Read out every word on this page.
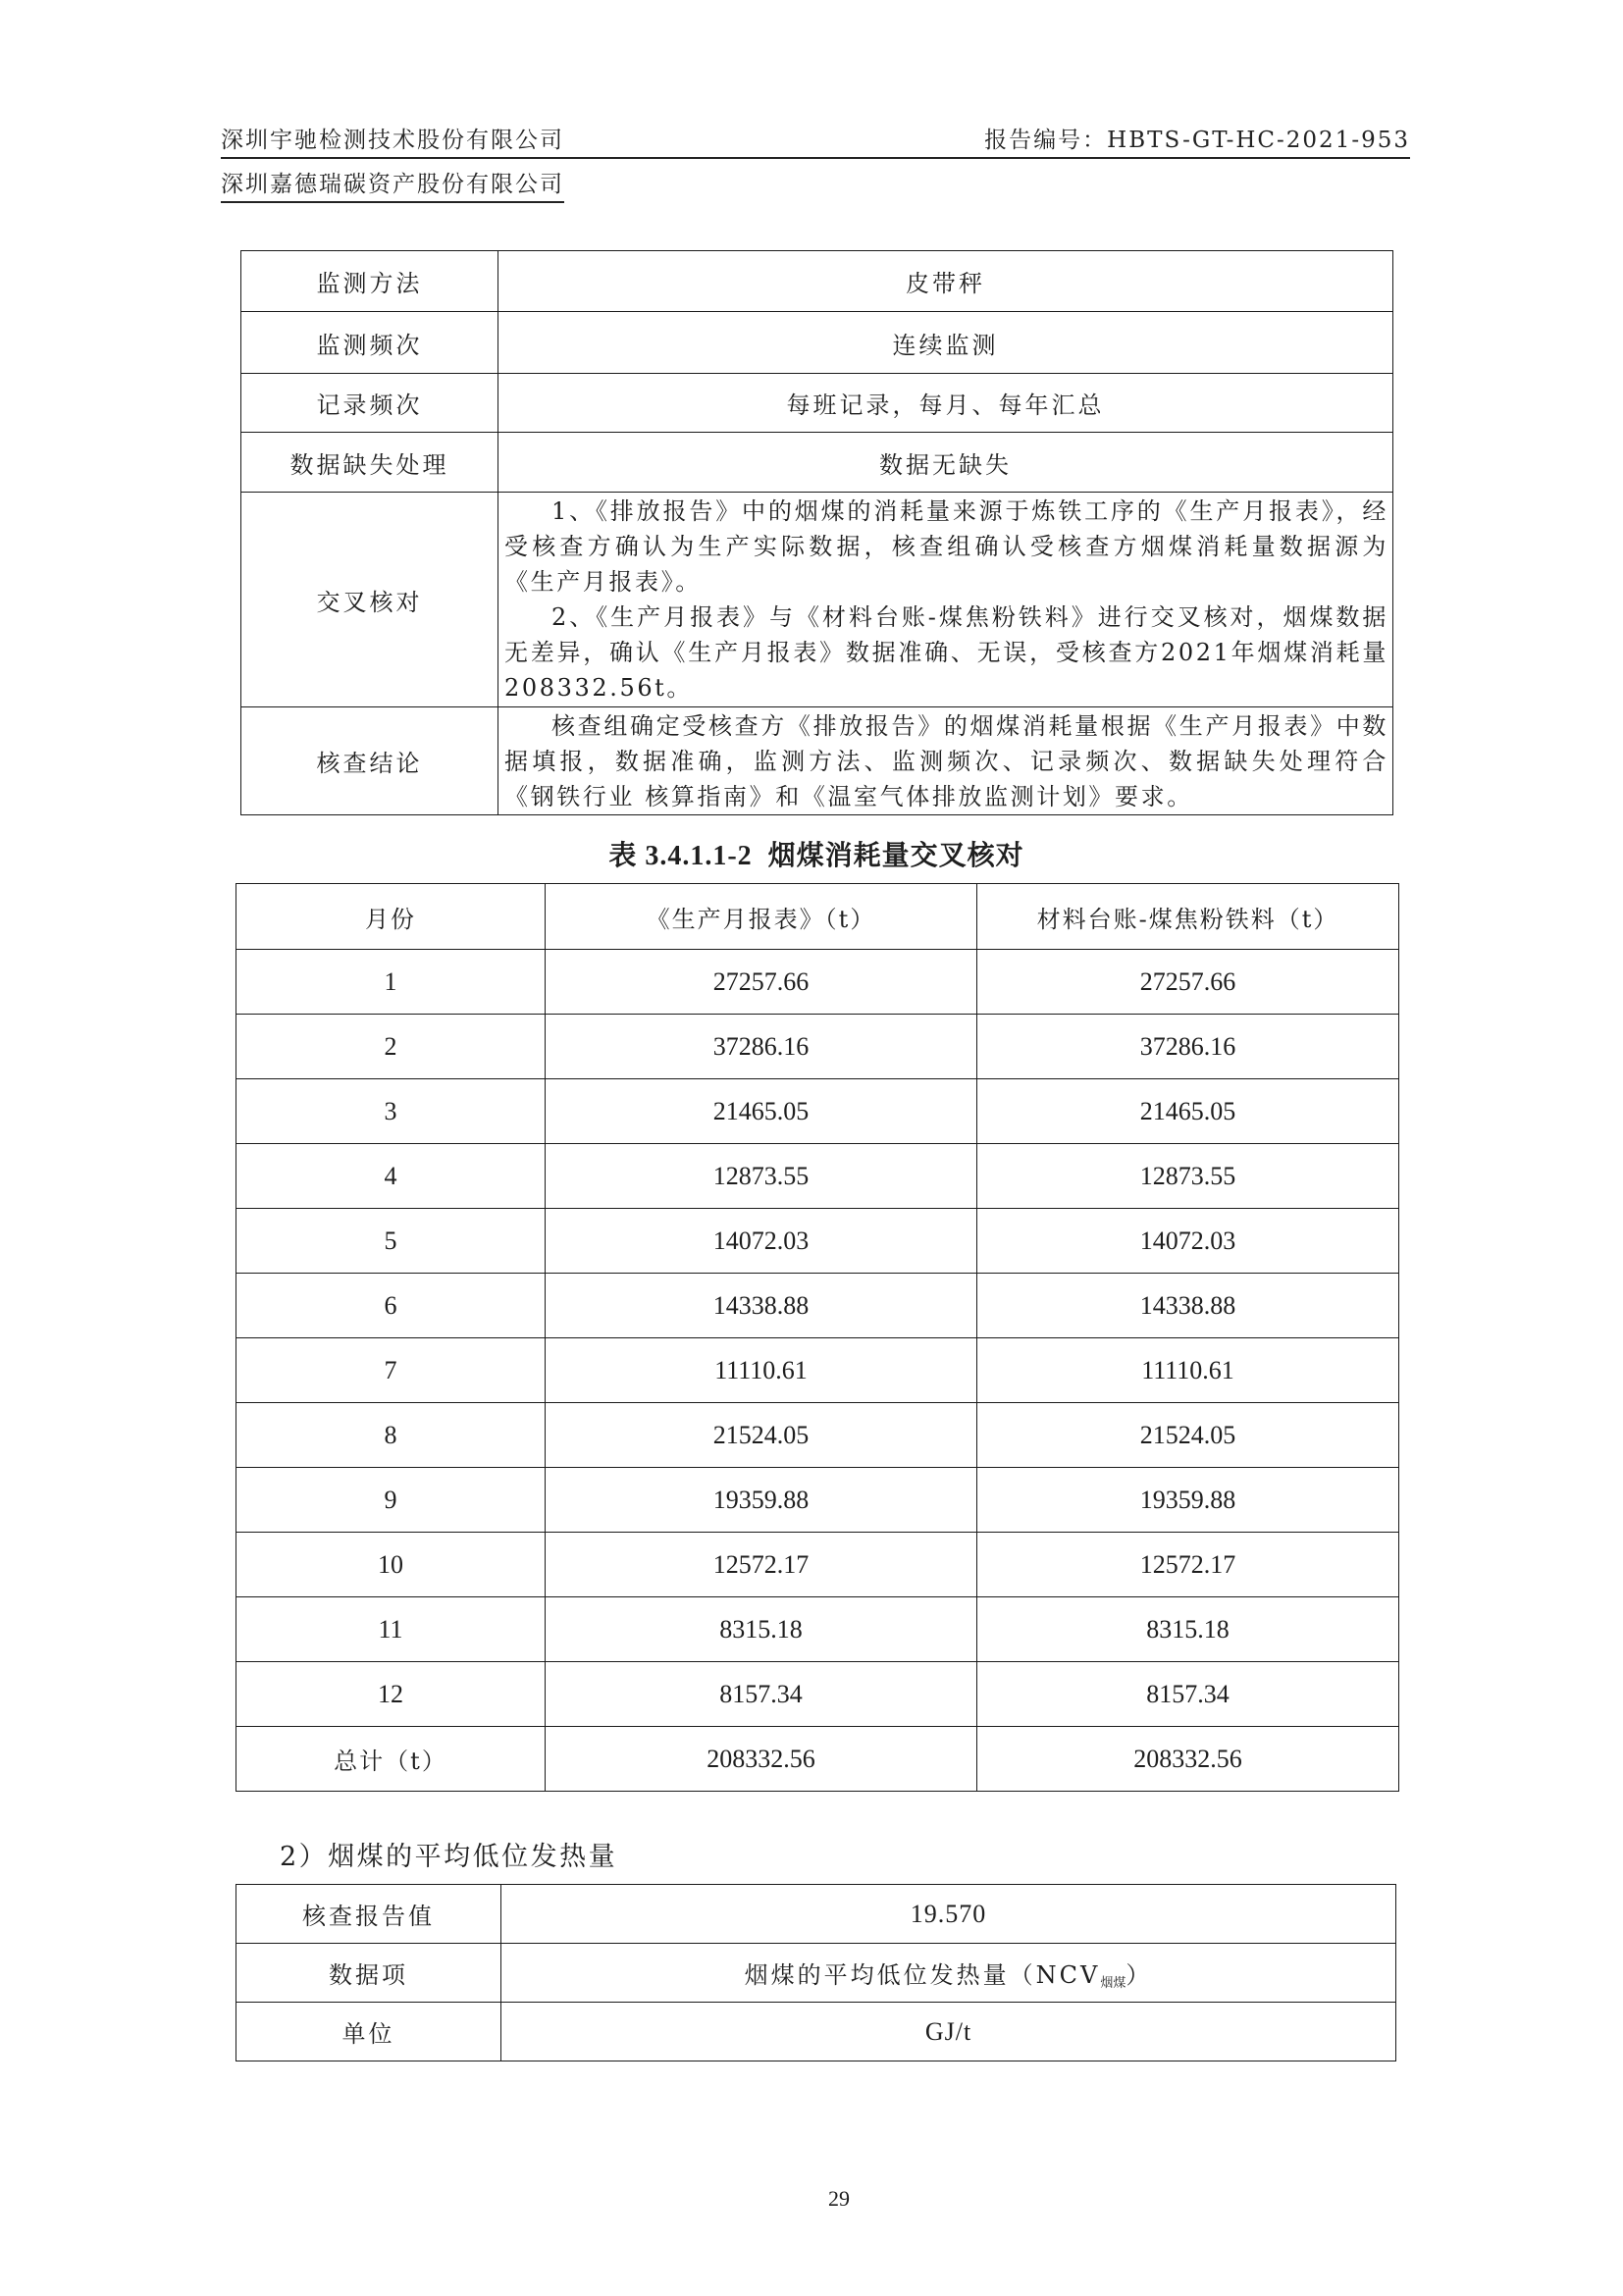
深圳宇驰检测技术股份有限公司	报告编号：HBTS-GT-HC-2021-953
深圳嘉德瑞碳资产股份有限公司
监测方法	皮带秤
监测频次	连续监测
记录频次	每班记录，每月、每年汇总
数据缺失处理	数据无缺失
交叉核对	1、《排放报告》中的烟煤的消耗量来源于炼铁工序的《生产月报表》，经受核查方确认为生产实际数据，核查组确认受核查方烟煤消耗量数据源为《生产月报表》。

2、《生产月报表》与《材料台账-煤焦粉铁料》进行交叉核对，烟煤数据无差异，确认《生产月报表》数据准确、无误，受核查方2021年烟煤消耗量208332.56t。

核查结论	核查组确定受核查方《排放报告》的烟煤消耗量根据《生产月报表》中数据填报，数据准确，监测方法、监测频次、记录频次、数据缺失处理符合《钢铁行业 核算指南》和《温室气体排放监测计划》要求。

表 3.4.1.1-2  烟煤消耗量交叉核对
月份	《生产月报表》（t）	材料台账-煤焦粉铁料（t）
1	27257.66	27257.66
2	37286.16	37286.16
3	21465.05	21465.05
4	12873.55	12873.55
5	14072.03	14072.03
6	14338.88	14338.88
7	11110.61	11110.61
8	21524.05	21524.05
9	19359.88	19359.88
10	12572.17	12572.17
11	8315.18	8315.18
12	8157.34	8157.34
总计（t）	208332.56	208332.56
2）烟煤的平均低位发热量
核查报告值	19.570
数据项	烟煤的平均低位发热量$(NCV_{烟煤})$
单位	GJ/t
29
